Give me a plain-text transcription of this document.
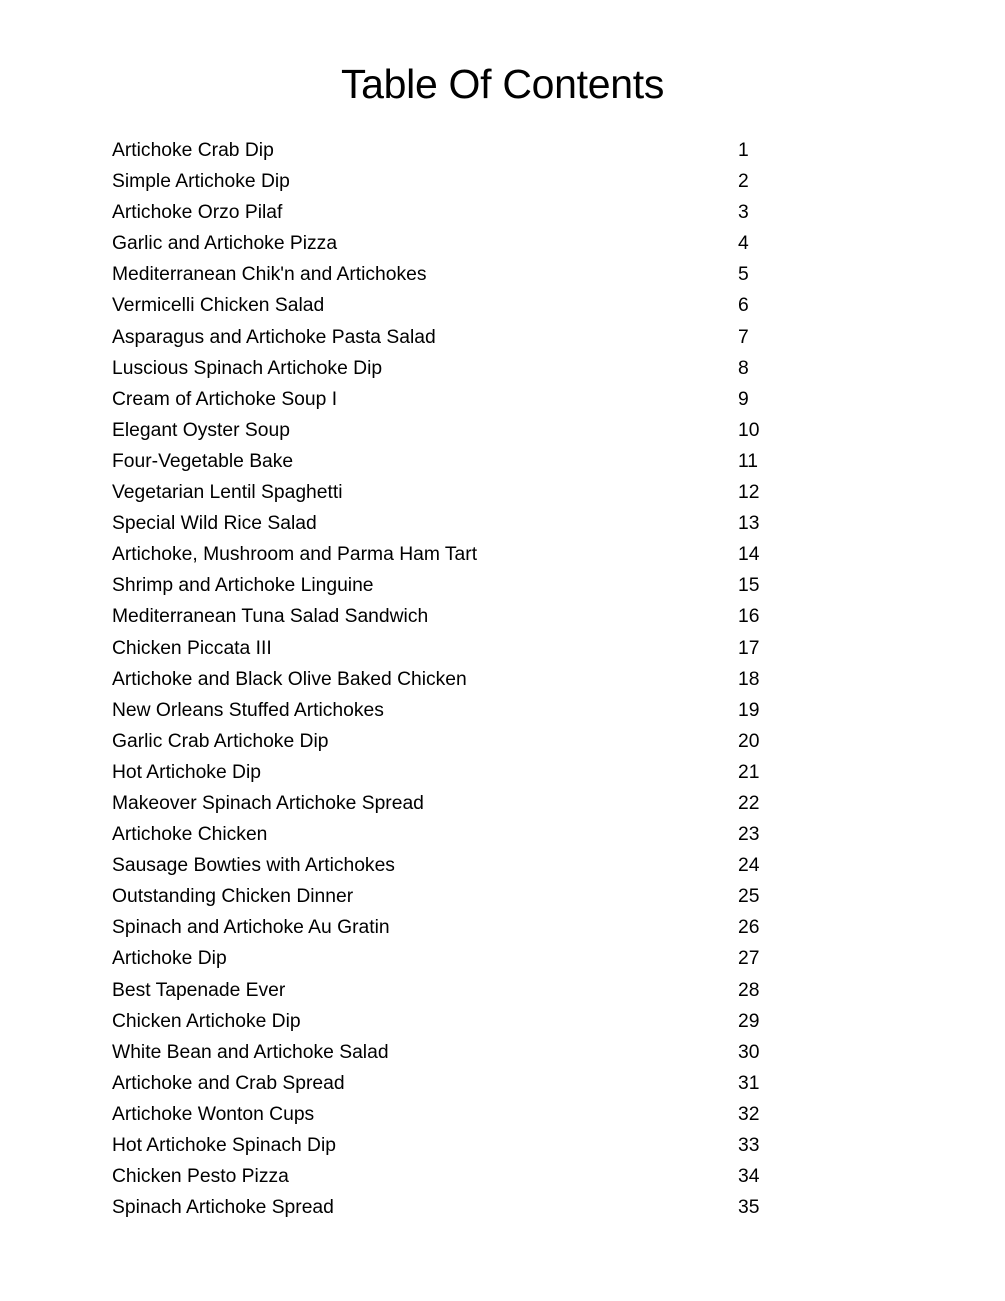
Table Of Contents
Artichoke Crab Dip	1
Simple Artichoke Dip	2
Artichoke Orzo Pilaf	3
Garlic and Artichoke Pizza	4
Mediterranean Chik'n and Artichokes	5
Vermicelli Chicken Salad	6
Asparagus and Artichoke Pasta Salad	7
Luscious Spinach Artichoke Dip	8
Cream of Artichoke Soup I	9
Elegant Oyster Soup	10
Four-Vegetable Bake	11
Vegetarian Lentil Spaghetti	12
Special Wild Rice Salad	13
Artichoke, Mushroom and Parma Ham Tart	14
Shrimp and Artichoke Linguine	15
Mediterranean Tuna Salad Sandwich	16
Chicken Piccata III	17
Artichoke and Black Olive Baked Chicken	18
New Orleans Stuffed Artichokes	19
Garlic Crab Artichoke Dip	20
Hot Artichoke Dip	21
Makeover Spinach Artichoke Spread	22
Artichoke Chicken	23
Sausage Bowties with Artichokes	24
Outstanding Chicken Dinner	25
Spinach and Artichoke Au Gratin	26
Artichoke Dip	27
Best Tapenade Ever	28
Chicken Artichoke Dip	29
White Bean and Artichoke Salad	30
Artichoke and Crab Spread	31
Artichoke Wonton Cups	32
Hot Artichoke Spinach Dip	33
Chicken Pesto Pizza	34
Spinach Artichoke Spread	35
